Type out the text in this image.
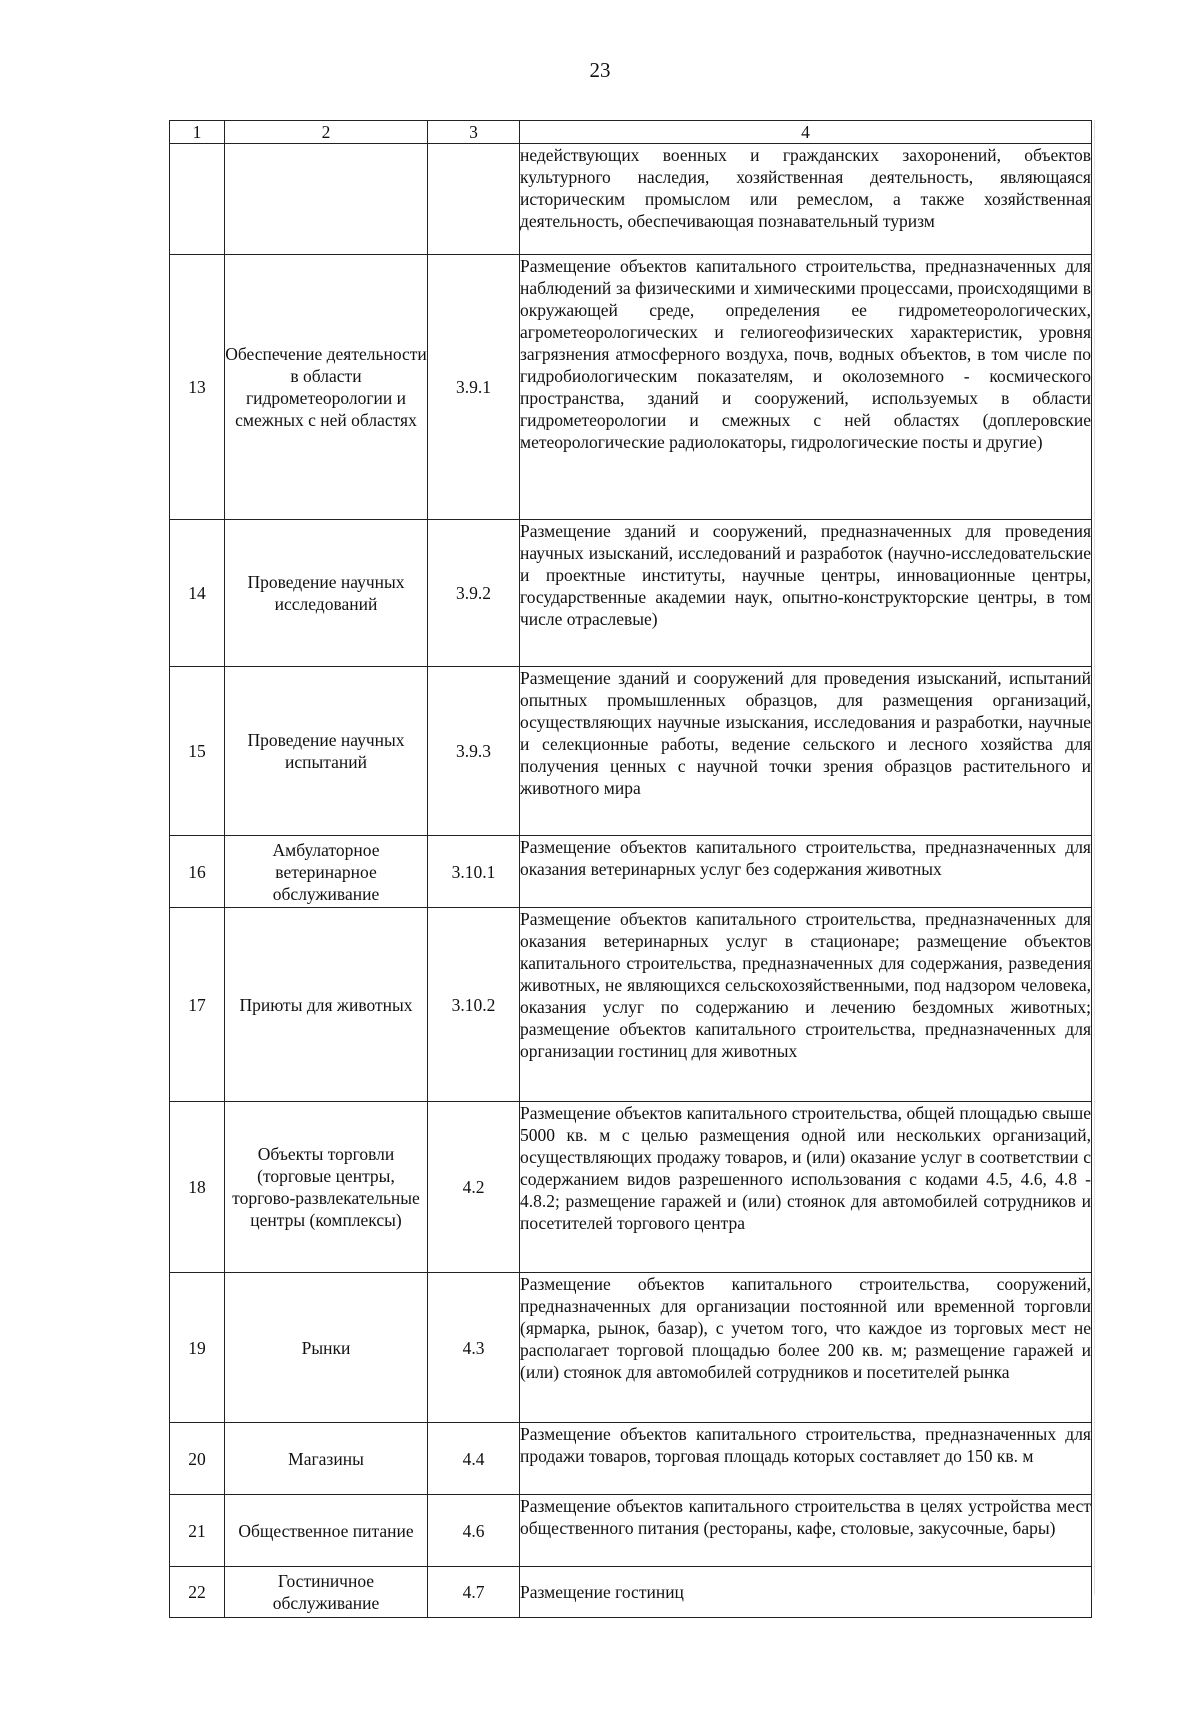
23
1	2	3	4
			недействующих военных и гражданских захоронений, объектов культурного наследия, хозяйственная деятельность, являющаяся историческим промыслом или ремеслом, а также хозяйственная деятельность, обеспечивающая познавательный туризм
13	Обеспечение деятельности в области гидрометеорологии и смежных с ней областях	3.9.1	Размещение объектов капитального строительства, предназначенных для наблюдений за физическими и химическими процессами, происходящими в окружающей среде, определения ее гидрометеорологических, агрометеорологических и гелиогеофизических характеристик, уровня загрязнения атмосферного воздуха, почв, водных объектов, в том числе по гидробиологическим показателям, и околоземного - космического пространства, зданий и сооружений, используемых в области гидрометеорологии и смежных с ней областях (доплеровские метеорологические радиолокаторы, гидрологические посты и другие)
14	Проведение научных исследований	3.9.2	Размещение зданий и сооружений, предназначенных для проведения научных изысканий, исследований и разработок (научно-исследовательские и проектные институты, научные центры, инновационные центры, государственные академии наук, опытно-конструкторские центры, в том числе отраслевые)
15	Проведение научных испытаний	3.9.3	Размещение зданий и сооружений для проведения изысканий, испытаний опытных промышленных образцов, для размещения организаций, осуществляющих научные изыскания, исследования и разработки, научные и селекционные работы, ведение сельского и лесного хозяйства для получения ценных с научной точки зрения образцов растительного и животного мира
16	Амбулаторное ветеринарное обслуживание	3.10.1	Размещение объектов капитального строительства, предназначенных для оказания ветеринарных услуг без содержания животных
17	Приюты для животных	3.10.2	Размещение объектов капитального строительства, предназначенных для оказания ветеринарных услуг в стационаре; размещение объектов капитального строительства, предназначенных для содержания, разведения животных, не являющихся сельскохозяйственными, под надзором человека, оказания услуг по содержанию и лечению бездомных животных; размещение объектов капитального строительства, предназначенных для организации гостиниц для животных
18	Объекты торговли (торговые центры, торгово-развлекательные центры (комплексы)	4.2	Размещение объектов капитального строительства, общей площадью свыше 5000 кв. м с целью размещения одной или нескольких организаций, осуществляющих продажу товаров, и (или) оказание услуг в соответствии с содержанием видов разрешенного использования с кодами 4.5, 4.6, 4.8 - 4.8.2; размещение гаражей и (или) стоянок для автомобилей сотрудников и посетителей торгового центра
19	Рынки	4.3	Размещение объектов капитального строительства, сооружений, предназначенных для организации постоянной или временной торговли (ярмарка, рынок, базар), с учетом того, что каждое из торговых мест не располагает торговой площадью более 200 кв. м; размещение гаражей и (или) стоянок для автомобилей сотрудников и посетителей рынка
20	Магазины	4.4	Размещение объектов капитального строительства, предназначенных для продажи товаров, торговая площадь которых составляет до 150 кв. м
21	Общественное питание	4.6	Размещение объектов капитального строительства в целях устройства мест общественного питания (рестораны, кафе, столовые, закусочные, бары)
22	Гостиничное обслуживание	4.7	Размещение гостиниц
